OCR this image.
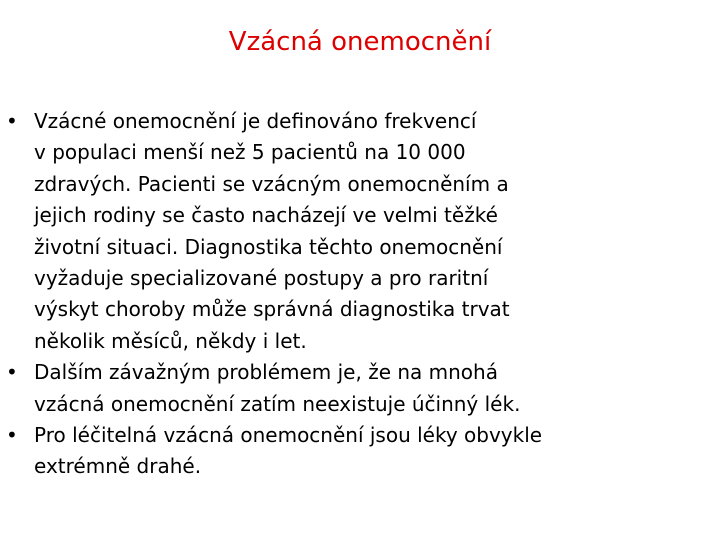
Vzácná onemocnění
• Vzácné onemocnění je definováno frekvencí
v populaci menší než 5 pacientů na 10 000
zdravých. Pacienti se vzácným onemocněním a
jejich rodiny se často nacházejí ve velmi těžké
životní situaci. Diagnostika těchto onemocnění
vyžaduje specializované postupy a pro raritní
výskyt choroby může správná diagnostika trvat
několik měsíců, někdy i let.
• Dalším závažným problémem je, že na mnohá
vzácná onemocnění zatím neexistuje účinný lék.
• Pro léčitelná vzácná onemocnění jsou léky obvykle
extrémně drahé.
